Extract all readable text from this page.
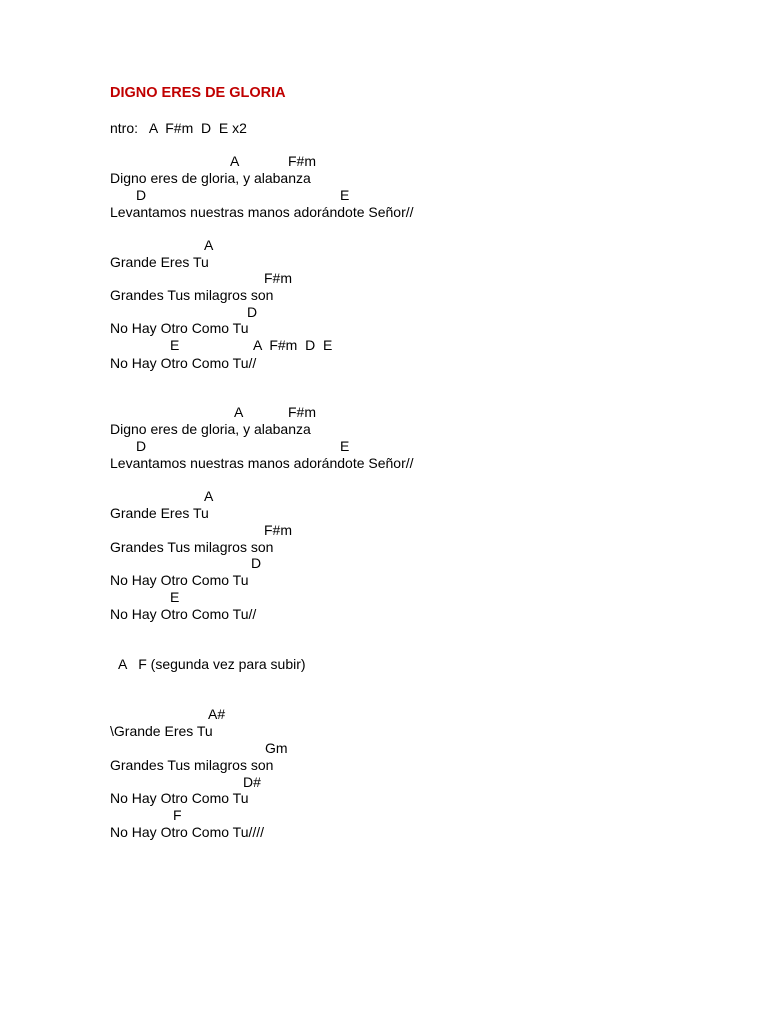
DIGNO ERES DE GLORIA
ntro:   A  F#m  D  E x2
A	F#m
Digno eres de gloria, y alabanza
D	E
Levantamos nuestras manos adorándote Señor//
A
Grande Eres Tu
F#m
Grandes Tus milagros son
D
No Hay Otro Como Tu
E	A  F#m  D  E
No Hay Otro Como Tu//
A	F#m
Digno eres de gloria, y alabanza
D	E
Levantamos nuestras manos adorándote Señor//
A
Grande Eres Tu
F#m
Grandes Tus milagros son
D
No Hay Otro Como Tu
E
No Hay Otro Como Tu//
A   F (segunda vez para subir)
A#
\Grande Eres Tu
Gm
Grandes Tus milagros son
D#
No Hay Otro Como Tu
F
No Hay Otro Como Tu////
